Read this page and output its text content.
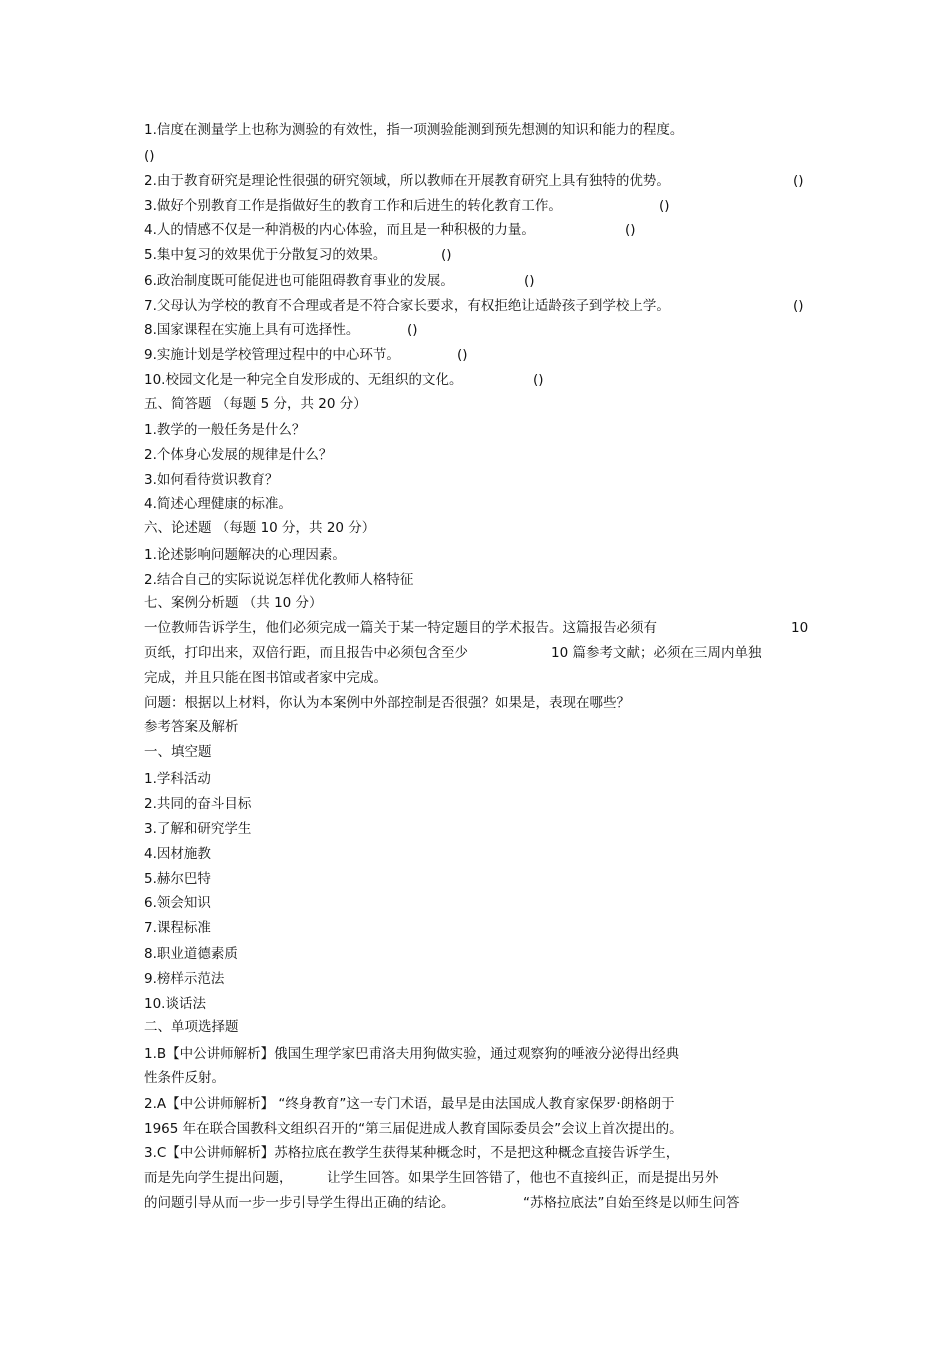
1.信度在测量学上也称为测验的有效性，指一项测验能测到预先想测的知识和能力的程度。
()
2.由于教育研究是理论性很强的研究领域，所以教师在开展教育研究上具有独特的优势。	()
3.做好个别教育工作是指做好生的教育工作和后进生的转化教育工作。	()
4.人的情感不仅是一种消极的内心体验，而且是一种积极的力量。	()
5.集中复习的效果优于分散复习的效果。	()
6.政治制度既可能促进也可能阻碍教育事业的发展。	()
7.父母认为学校的教育不合理或者是不符合家长要求，有权拒绝让适龄孩子到学校上学。	()
8.国家课程在实施上具有可选择性。	()
9.实施计划是学校管理过程中的中心环节。	()
10.校园文化是一种完全自发形成的、无组织的文化。	()
五、简答题 （每题 5 分，共 20 分）
1.教学的一般任务是什么？
2.个体身心发展的规律是什么？
3.如何看待赏识教育？
4.简述心理健康的标准。
六、论述题 （每题 10 分，共 20 分）
1.论述影响问题解决的心理因素。
2.结合自己的实际说说怎样优化教师人格特征
七、案例分析题 （共 10 分）
一位教师告诉学生，他们必须完成一篇关于某一特定题目的学术报告。这篇报告必须有	10
页纸，打印出来，双倍行距，而且报告中必须包含至少	10 篇参考文献；必须在三周内单独
完成，并且只能在图书馆或者家中完成。
问题：根据以上材料，你认为本案例中外部控制是否很强？如果是，表现在哪些？
参考答案及解析
一、填空题
1.学科活动
2.共同的奋斗目标
3.了解和研究学生
4.因材施教
5.赫尔巴特
6.领会知识
7.课程标准
8.职业道德素质
9.榜样示范法
10.谈话法
二、单项选择题
1.B【中公讲师解析】俄国生理学家巴甫洛夫用狗做实验，通过观察狗的唾液分泌得出经典
性条件反射。
2.A【中公讲师解析】 “终身教育”这一专门术语，最早是由法国成人教育家保罗·朗格朗于
1965 年在联合国教科文组织召开的“第三届促进成人教育国际委员会”会议上首次提出的。
3.C【中公讲师解析】苏格拉底在教学生获得某种概念时，不是把这种概念直接告诉学生，
而是先向学生提出问题，	让学生回答。如果学生回答错了，他也不直接纠正，而是提出另外
的问题引导从而一步一步引导学生得出正确的结论。	“苏格拉底法”自始至终是以师生问答
